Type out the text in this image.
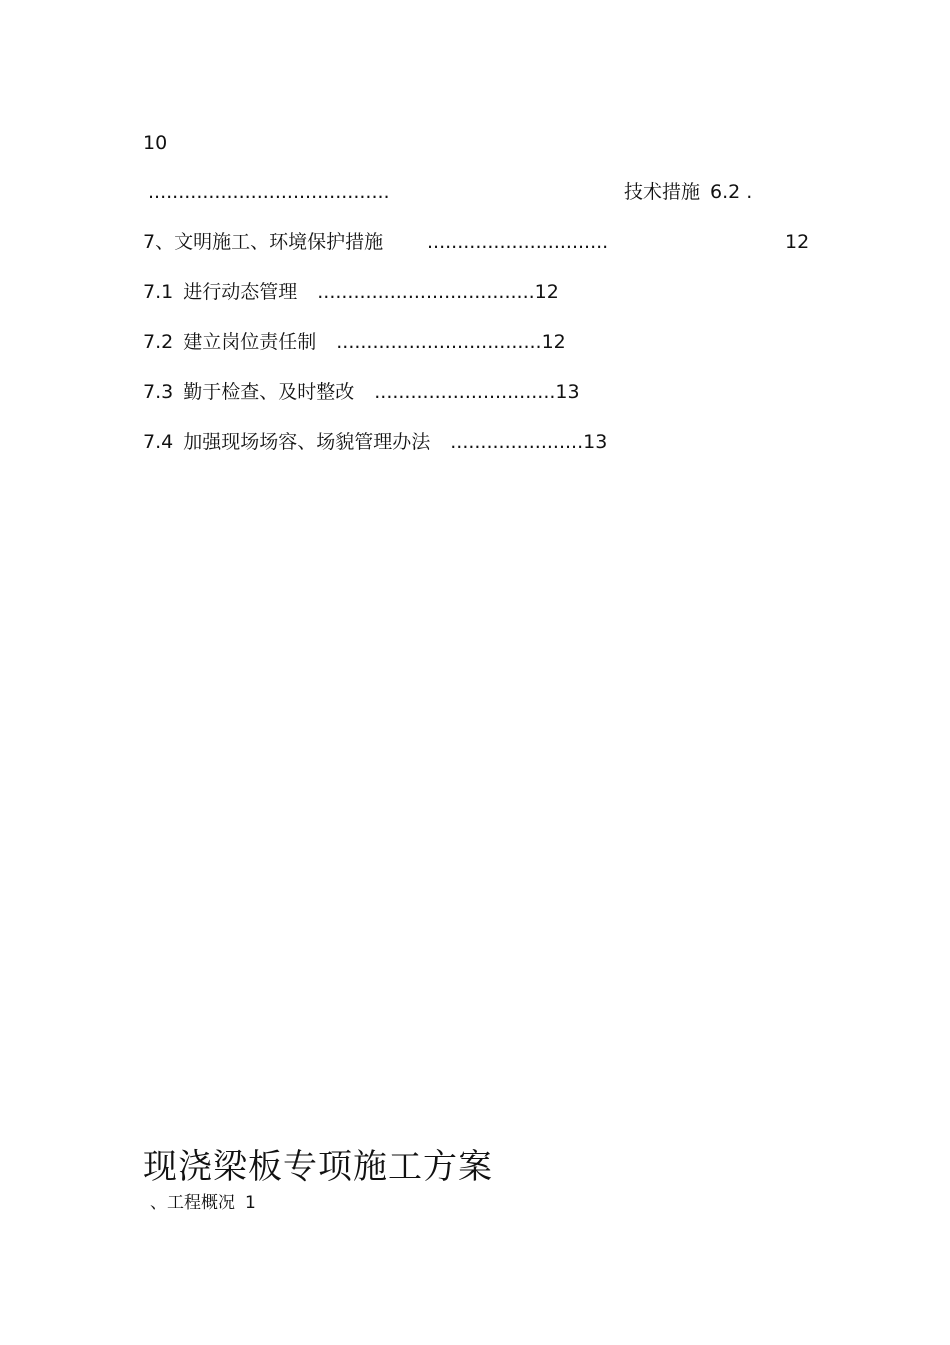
10
........................................	技术措施 6.2 .
7、文明施工、环境保护措施 ..............................	12
7.1 进行动态管理 ....................................12
7.2 建立岗位责任制 ..................................12
7.3 勤于检查、及时整改 ..............................13
7.4 加强现场场容、场貌管理办法 ......................13
现浇梁板专项施工方案
、工程概况 1
